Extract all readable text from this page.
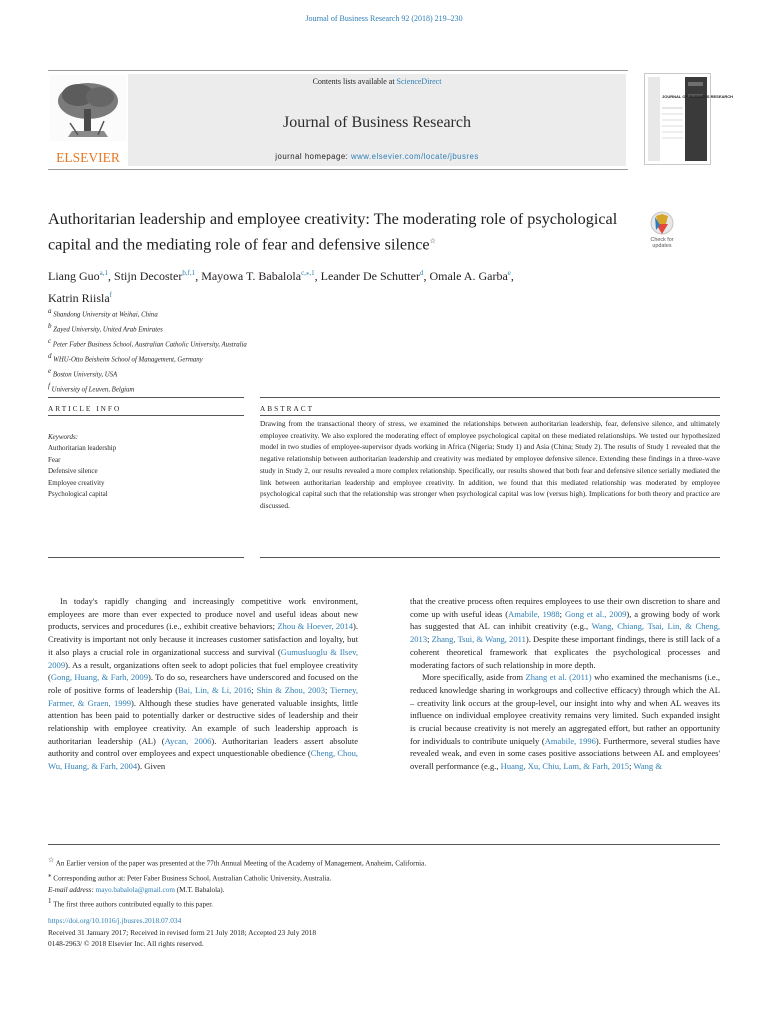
Journal of Business Research 92 (2018) 219–230
ELSEVIER
Contents lists available at ScienceDirect
Journal of Business Research
journal homepage: www.elsevier.com/locate/jbusres
JOURNAL OF BUSINESS RESEARCH
Authoritarian leadership and employee creativity: The moderating role of psychological capital and the mediating role of fear and defensive silence☆	Check for
updates
Liang Guo$^{a,1}$, Stijn Decoster$^{b,f,1}$, Mayowa T. Babalola$^{c,⁎,1}$, Leander De Schutter$^d$, Omale A. Garba$^e$,
Katrin Riisla$^f$
$^a$ Shandong University at Weihai, China
$^b$ Zayed University, United Arab Emirates
$^c$ Peter Faber Business School, Australian Catholic University, Australia
$^d$ WHU-Otto Beisheim School of Management, Germany
$^e$ Boston University, USA
$^f$ University of Leuven, Belgium
ARTICLE INFO	ABSTRACT
Keywords:
Authoritarian leadership
Fear
Defensive silence
Employee creativity
Psychological capital
Drawing from the transactional theory of stress, we examined the relationships between authoritarian leadership, fear, defensive silence, and ultimately employee creativity. We also explored the moderating effect of employee psychological capital on these mediated relationships. We tested our hypothesized model in two studies of employee-supervisor dyads working in Africa (Nigeria; Study 1) and Asia (China; Study 2). The results of Study 1 revealed that the negative relationship between authoritarian leadership and creativity was mediated by employee defensive silence. Extending these findings in a three-wave study in Study 2, our results revealed a more complex relationship. Specifically, our results showed that both fear and defensive silence serially mediated the link between authoritarian leadership and employee creativity. In addition, we found that this mediated relationship was moderated by employee psychological capital such that the relationship was stronger when psychological capital was low (versus high). Implications for both theory and practice are discussed.

In today's rapidly changing and increasingly competitive work environment, employees are more than ever expected to produce novel and useful ideas about new products, services and procedures (i.e., exhibit creative behaviors; Zhou & Hoever, 2014). Creativity is important not only because it increases customer satisfaction and loyalty, but it also plays a crucial role in organizational success and survival (Gumusluoglu & Ilsev, 2009). As a result, organizations often seek to adopt policies that fuel employee creativity (Gong, Huang, & Farh, 2009). To do so, researchers have underscored and focused on the role of positive forms of leadership (Bai, Lin, & Li, 2016; Shin & Zhou, 2003; Tierney, Farmer, & Graen, 1999). Although these studies have generated valuable insights, little attention has been paid to potentially darker or destructive sides of leadership and their relationship with employee creativity. An example of such leadership approach is authoritarian leadership (AL) (Aycan, 2006). Authoritarian leaders assert absolute authority and control over employees and expect unquestionable obedience (Cheng, Chou, Wu, Huang, & Farh, 2004). Given

that the creative process often requires employees to use their own discretion to share and come up with useful ideas (Amabile, 1988; Gong et al., 2009), a growing body of work has suggested that AL can inhibit creativity (e.g., Wang, Chiang, Tsai, Lin, & Cheng, 2013; Zhang, Tsui, & Wang, 2011). Despite these important findings, there is still lack of a coherent theoretical framework that explicates the psychological processes and moderating factors of such relationship in more depth.

More specifically, aside from Zhang et al. (2011) who examined the mechanisms (i.e., reduced knowledge sharing in workgroups and collective efficacy) through which the AL – creativity link occurs at the group-level, our insight into why and when AL weaves its influence on individual employee creativity remains very limited. Such expanded insight is crucial because creativity is not merely an aggregated effort, but rather an opportunity for individuals to contribute uniquely (Amabile, 1996). Furthermore, several studies have revealed weak, and even in some cases positive associations between AL and employees' overall performance (e.g., Huang, Xu, Chiu, Lam, & Farh, 2015; Wang &

☆ An Earlier version of the paper was presented at the 77th Annual Meeting of the Academy of Management, Anaheim, California.
⁎ Corresponding author at: Peter Faber Business School, Australian Catholic University, Australia.
E-mail address: mayo.babalola@gmail.com (M.T. Babalola).
$^1$ The first three authors contributed equally to this paper.
https://doi.org/10.1016/j.jbusres.2018.07.034
Received 31 January 2017; Received in revised form 21 July 2018; Accepted 23 July 2018
0148-2963/ © 2018 Elsevier Inc. All rights reserved.
